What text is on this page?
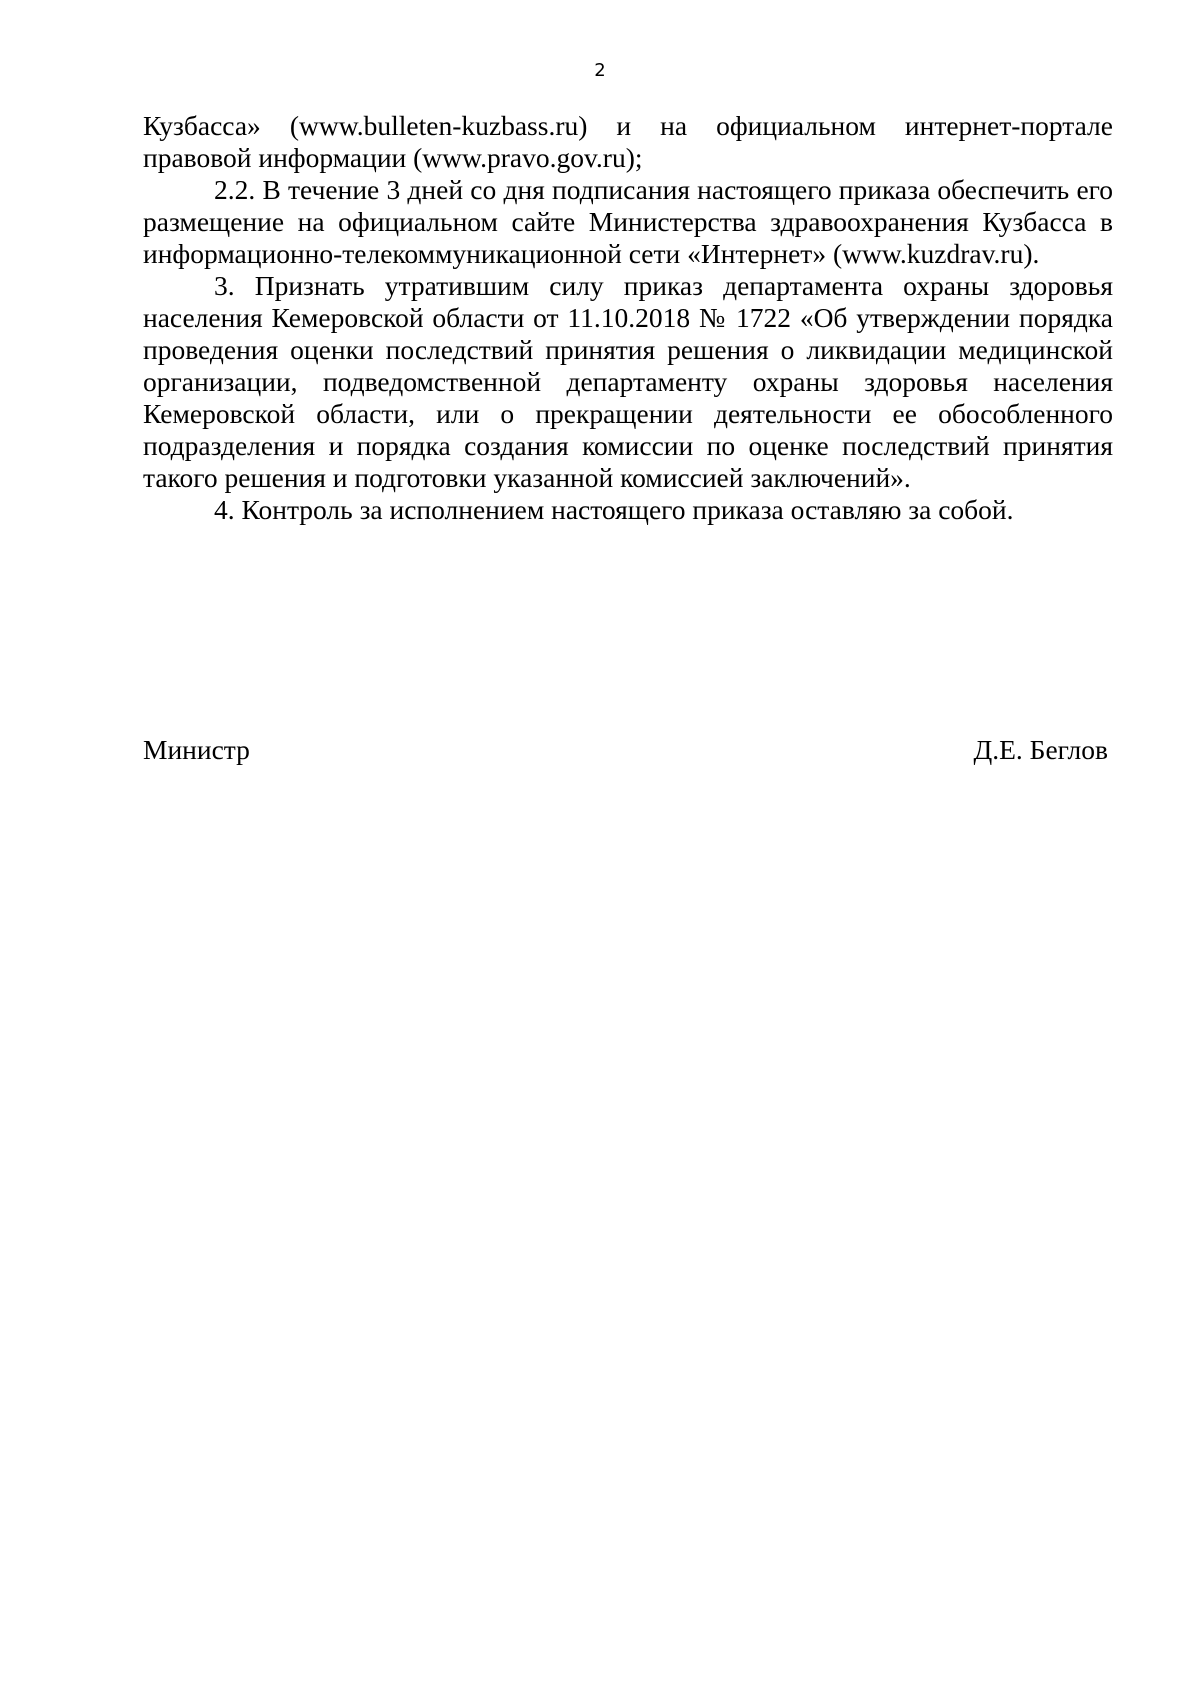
2

Кузбасса» (www.bulleten-kuzbass.ru) и на официальном интернет-портале правовой информации (www.pravo.gov.ru);

2.2. В течение 3 дней со дня подписания настоящего приказа обеспечить его размещение на официальном сайте Министерства здравоохранения Кузбасса в информационно-телекоммуникационной сети «Интернет» (www.kuzdrav.ru).

3. Признать утратившим силу приказ департамента охраны здоровья населения Кемеровской области от 11.10.2018 № 1722 «Об утверждении порядка проведения оценки последствий принятия решения о ликвидации медицинской организации, подведомственной департаменту охраны здоровья населения Кемеровской области, или о прекращении деятельности ее обособленного подразделения и порядка создания комиссии по оценке последствий принятия такого решения и подготовки указанной комиссией заключений».

4. Контроль за исполнением настоящего приказа оставляю за собой.

Министр	Д.Е. Беглов
